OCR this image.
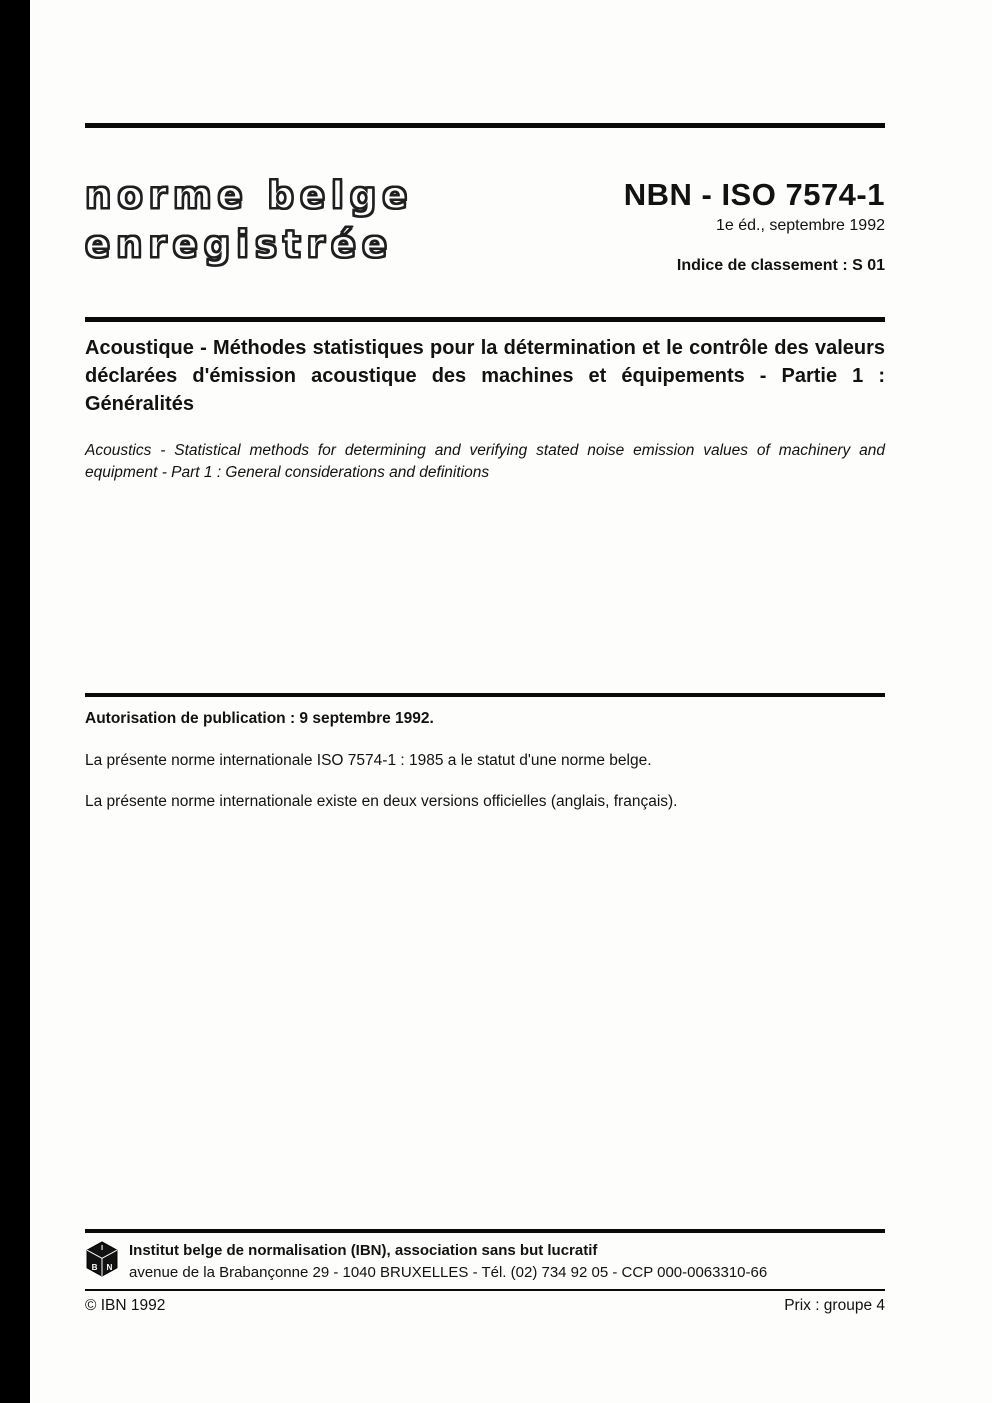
norme belge
enregistrée
NBN - ISO 7574-1
1e éd., septembre 1992
Indice de classement : S 01
Acoustique - Méthodes statistiques pour la détermination et le contrôle des valeurs déclarées d'émission acoustique des machines et équipements - Partie 1 : Généralités
Acoustics - Statistical methods for determining and verifying stated noise emission values of machinery and equipment - Part 1 : General considerations and definitions
Autorisation de publication : 9 septembre 1992.
La présente norme internationale ISO 7574-1 : 1985 a le statut d'une norme belge.
La présente norme internationale existe en deux versions officielles (anglais, français).
I
B N
Institut belge de normalisation (IBN), association sans but lucratif
avenue de la Brabançonne 29 - 1040 BRUXELLES - Tél. (02) 734 92 05 - CCP 000-0063310-66
© IBN 1992	Prix : groupe 4
